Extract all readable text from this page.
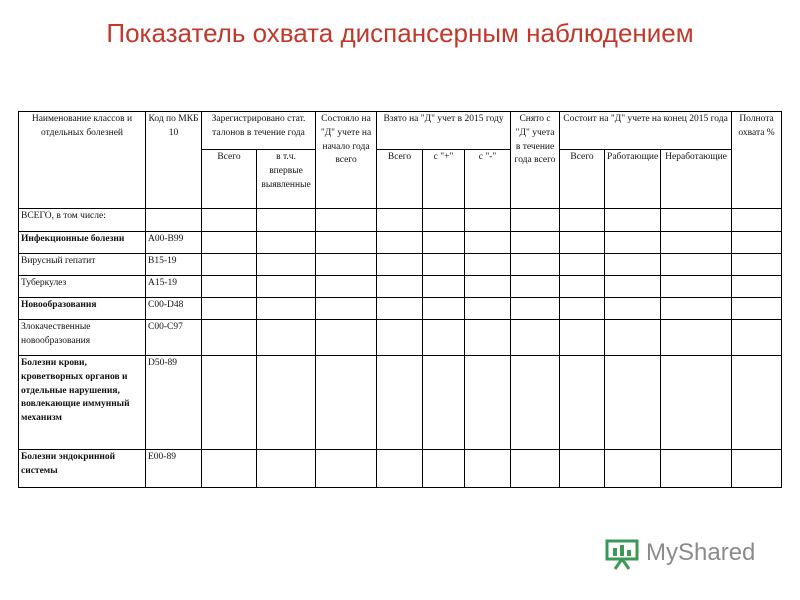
Показатель охвата диспансерным наблюдением
Наименование классов и отдельных болезней	Код по МКБ 10	Зарегистрировано стат. талонов в течение года		Состояло на "Д" учете на начало года всего	Взято на "Д" учет в 2015 году			Снято с "Д" учета в течение года всего	Состоит на "Д" учете на конец 2015 года			Полнота охвата %
		Всего	в т.ч. впервые выявленные		Всего	с "+"	с "-"		Всего	Работающие	Неработающие	
ВСЕГО, в том числе:												
Инфекционные болезни	А00-В99											
Вирусный гепатит	В15-19											
Туберкулез	А15-19											
Новообразования	С00-D48											
Злокачественные новообразования	С00-С97											
Болезни крови, кроветворных органов и отдельные нарушения, вовлекающие иммунный механизм	D50-89											
Болезни эндокринной системы	Е00-89											
MyShared
